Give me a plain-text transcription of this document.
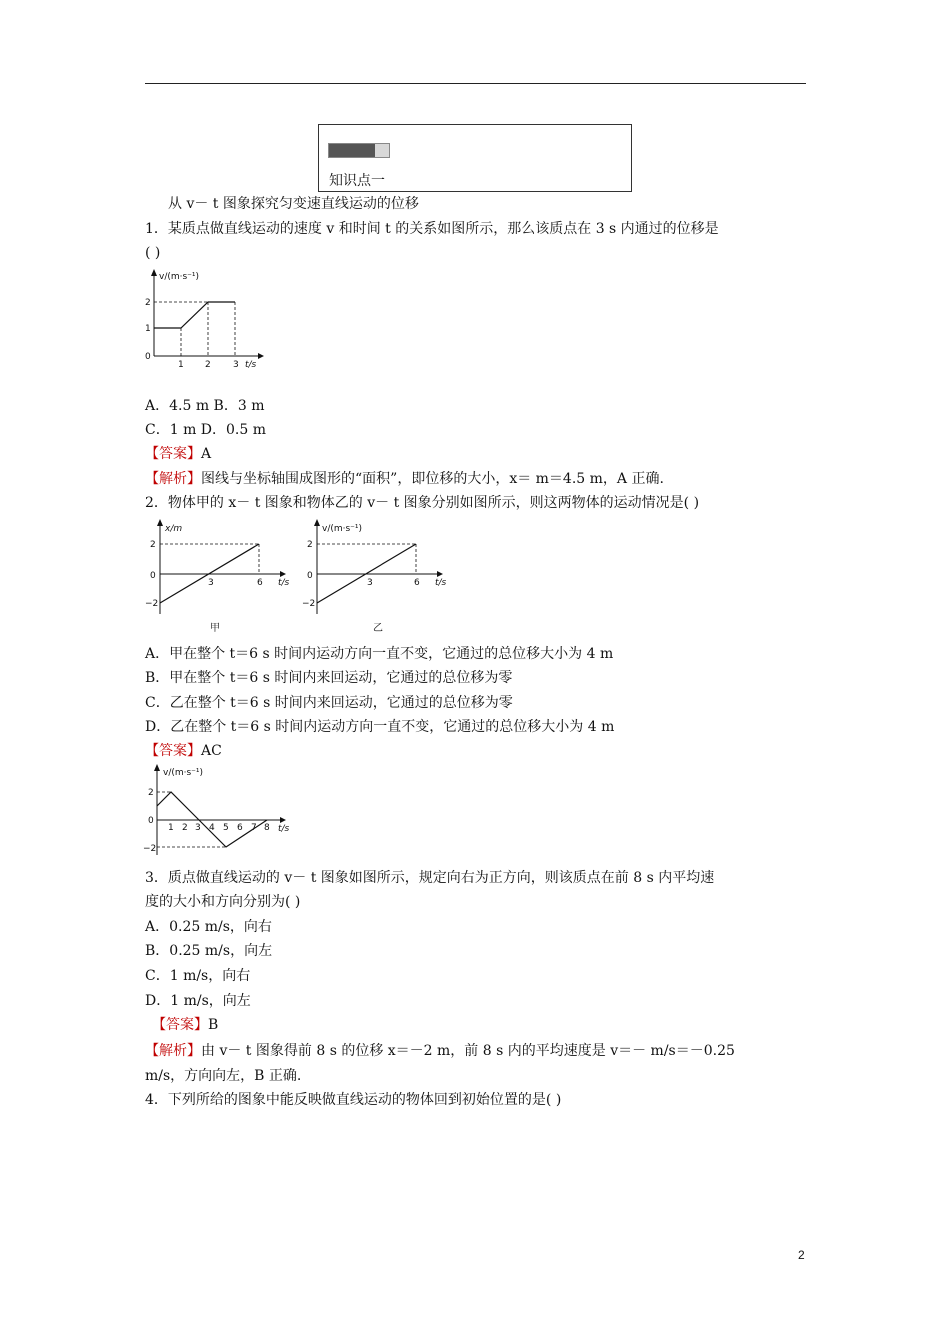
知识点一
从 v－ t 图象探究匀变速直线运动的位移
1．某质点做直线运动的速度 v 和时间 t 的关系如图所示，那么该质点在 3 s 内通过的位移是
( )
v/(m·s⁻¹)
t/s
2
1
0
1 2 3
A．4.5 m B．3 m
C．1 m D．0.5 m
【答案】A
【解析】图线与坐标轴围成图形的“面积”，即位移的大小，x＝ m＝4.5 m，A 正确.
2．物体甲的 x－ t 图象和物体乙的 v－ t 图象分别如图所示，则这两物体的运动情况是( )
x/m
t/s
2
0
−2
3	6
甲
v/(m·s⁻¹)
t/s
2
0
−2
3	6
乙
A．甲在整个 t＝6 s 时间内运动方向一直不变，它通过的总位移大小为 4 m
B．甲在整个 t＝6 s 时间内来回运动，它通过的总位移为零
C．乙在整个 t＝6 s 时间内来回运动，它通过的总位移为零
D．乙在整个 t＝6 s 时间内运动方向一直不变，它通过的总位移大小为 4 m
【答案】AC
v/(m·s⁻¹)
t/s
2
0
−2
1 2 3 4 5 6 7 8
3．质点做直线运动的 v－ t 图象如图所示，规定向右为正方向，则该质点在前 8 s 内平均速
度的大小和方向分别为( )
A．0.25 m/s，向右
B．0.25 m/s，向左
C．1 m/s，向右
D．1 m/s，向左
【答案】B
【解析】由 v－ t 图象得前 8 s 的位移 x＝－2 m，前 8 s 内的平均速度是 v＝－ m/s＝－0.25
m/s，方向向左，B 正确.
4．下列所给的图象中能反映做直线运动的物体回到初始位置的是( )
2
